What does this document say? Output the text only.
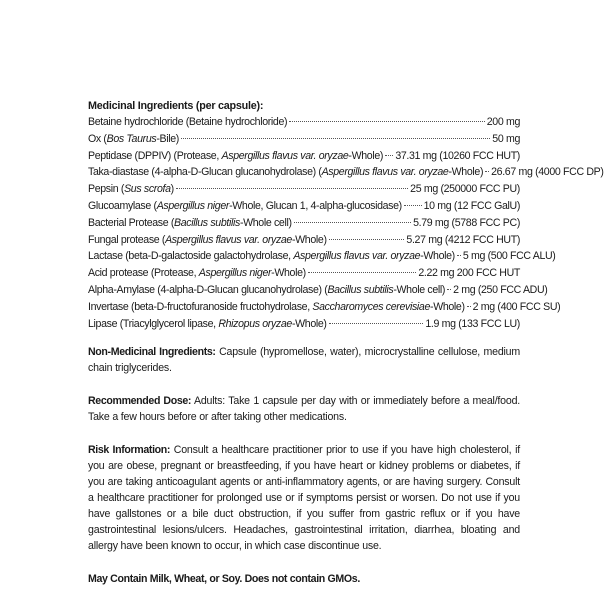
Medicinal Ingredients (per capsule):
Betaine hydrochloride (Betaine hydrochloride)	200 mg
Ox (Bos Taurus-Bile)	50 mg
Peptidase (DPPIV) (Protease, Aspergillus flavus var. oryzae-Whole) 37.31 mg (10260 FCC HUT)
Taka-diastase (4-alpha-D-Glucan glucanohydrolase) (Aspergillus flavus var. oryzae-Whole) 26.67 mg (4000 FCC DP)
Pepsin (Sus scrofa)	25 mg (250000 FCC PU)
Glucoamylase (Aspergillus niger-Whole, Glucan 1, 4-alpha-glucosidase) 10 mg (12 FCC GalU)
Bacterial Protease (Bacillus subtilis-Whole cell)	5.79 mg (5788 FCC PC)
Fungal protease (Aspergillus flavus var. oryzae-Whole)	5.27 mg (4212 FCC HUT)
Lactase (beta-D-galactoside galactohydrolase, Aspergillus flavus var. oryzae-Whole) 5 mg (500 FCC ALU)
Acid protease (Protease, Aspergillus niger-Whole)	2.22 mg 200 FCC HUT
Alpha-Amylase (4-alpha-D-Glucan glucanohydrolase) (Bacillus subtilis-Whole cell) 2 mg (250 FCC ADU)
Invertase (beta-D-fructofuranoside fructohydrolase, Saccharomyces cerevisiae-Whole) 2 mg (400 FCC SU)
Lipase (Triacylglycerol lipase, Rhizopus oryzae-Whole)	1.9 mg (133 FCC LU)

Non-Medicinal Ingredients: Capsule (hypromellose, water), microcrystalline cellulose, medium chain triglycerides.

Recommended Dose: Adults: Take 1 capsule per day with or immediately before a meal/food. Take a few hours before or after taking other medications.

Risk Information: Consult a healthcare practitioner prior to use if you have high cholesterol, if you are obese, pregnant or breastfeeding, if you have heart or kidney problems or diabetes, if you are taking anticoagulant agents or anti-inflammatory agents, or are having surgery. Consult a healthcare practitioner for prolonged use or if symptoms persist or worsen. Do not use if you have gallstones or a bile duct obstruction, if you suffer from gastric reflux or if you have gastrointestinal lesions/ulcers. Headaches, gastrointestinal irritation, diarrhea, bloating and allergy have been known to occur, in which case discontinue use.

May Contain Milk, Wheat, or Soy. Does not contain GMOs.
